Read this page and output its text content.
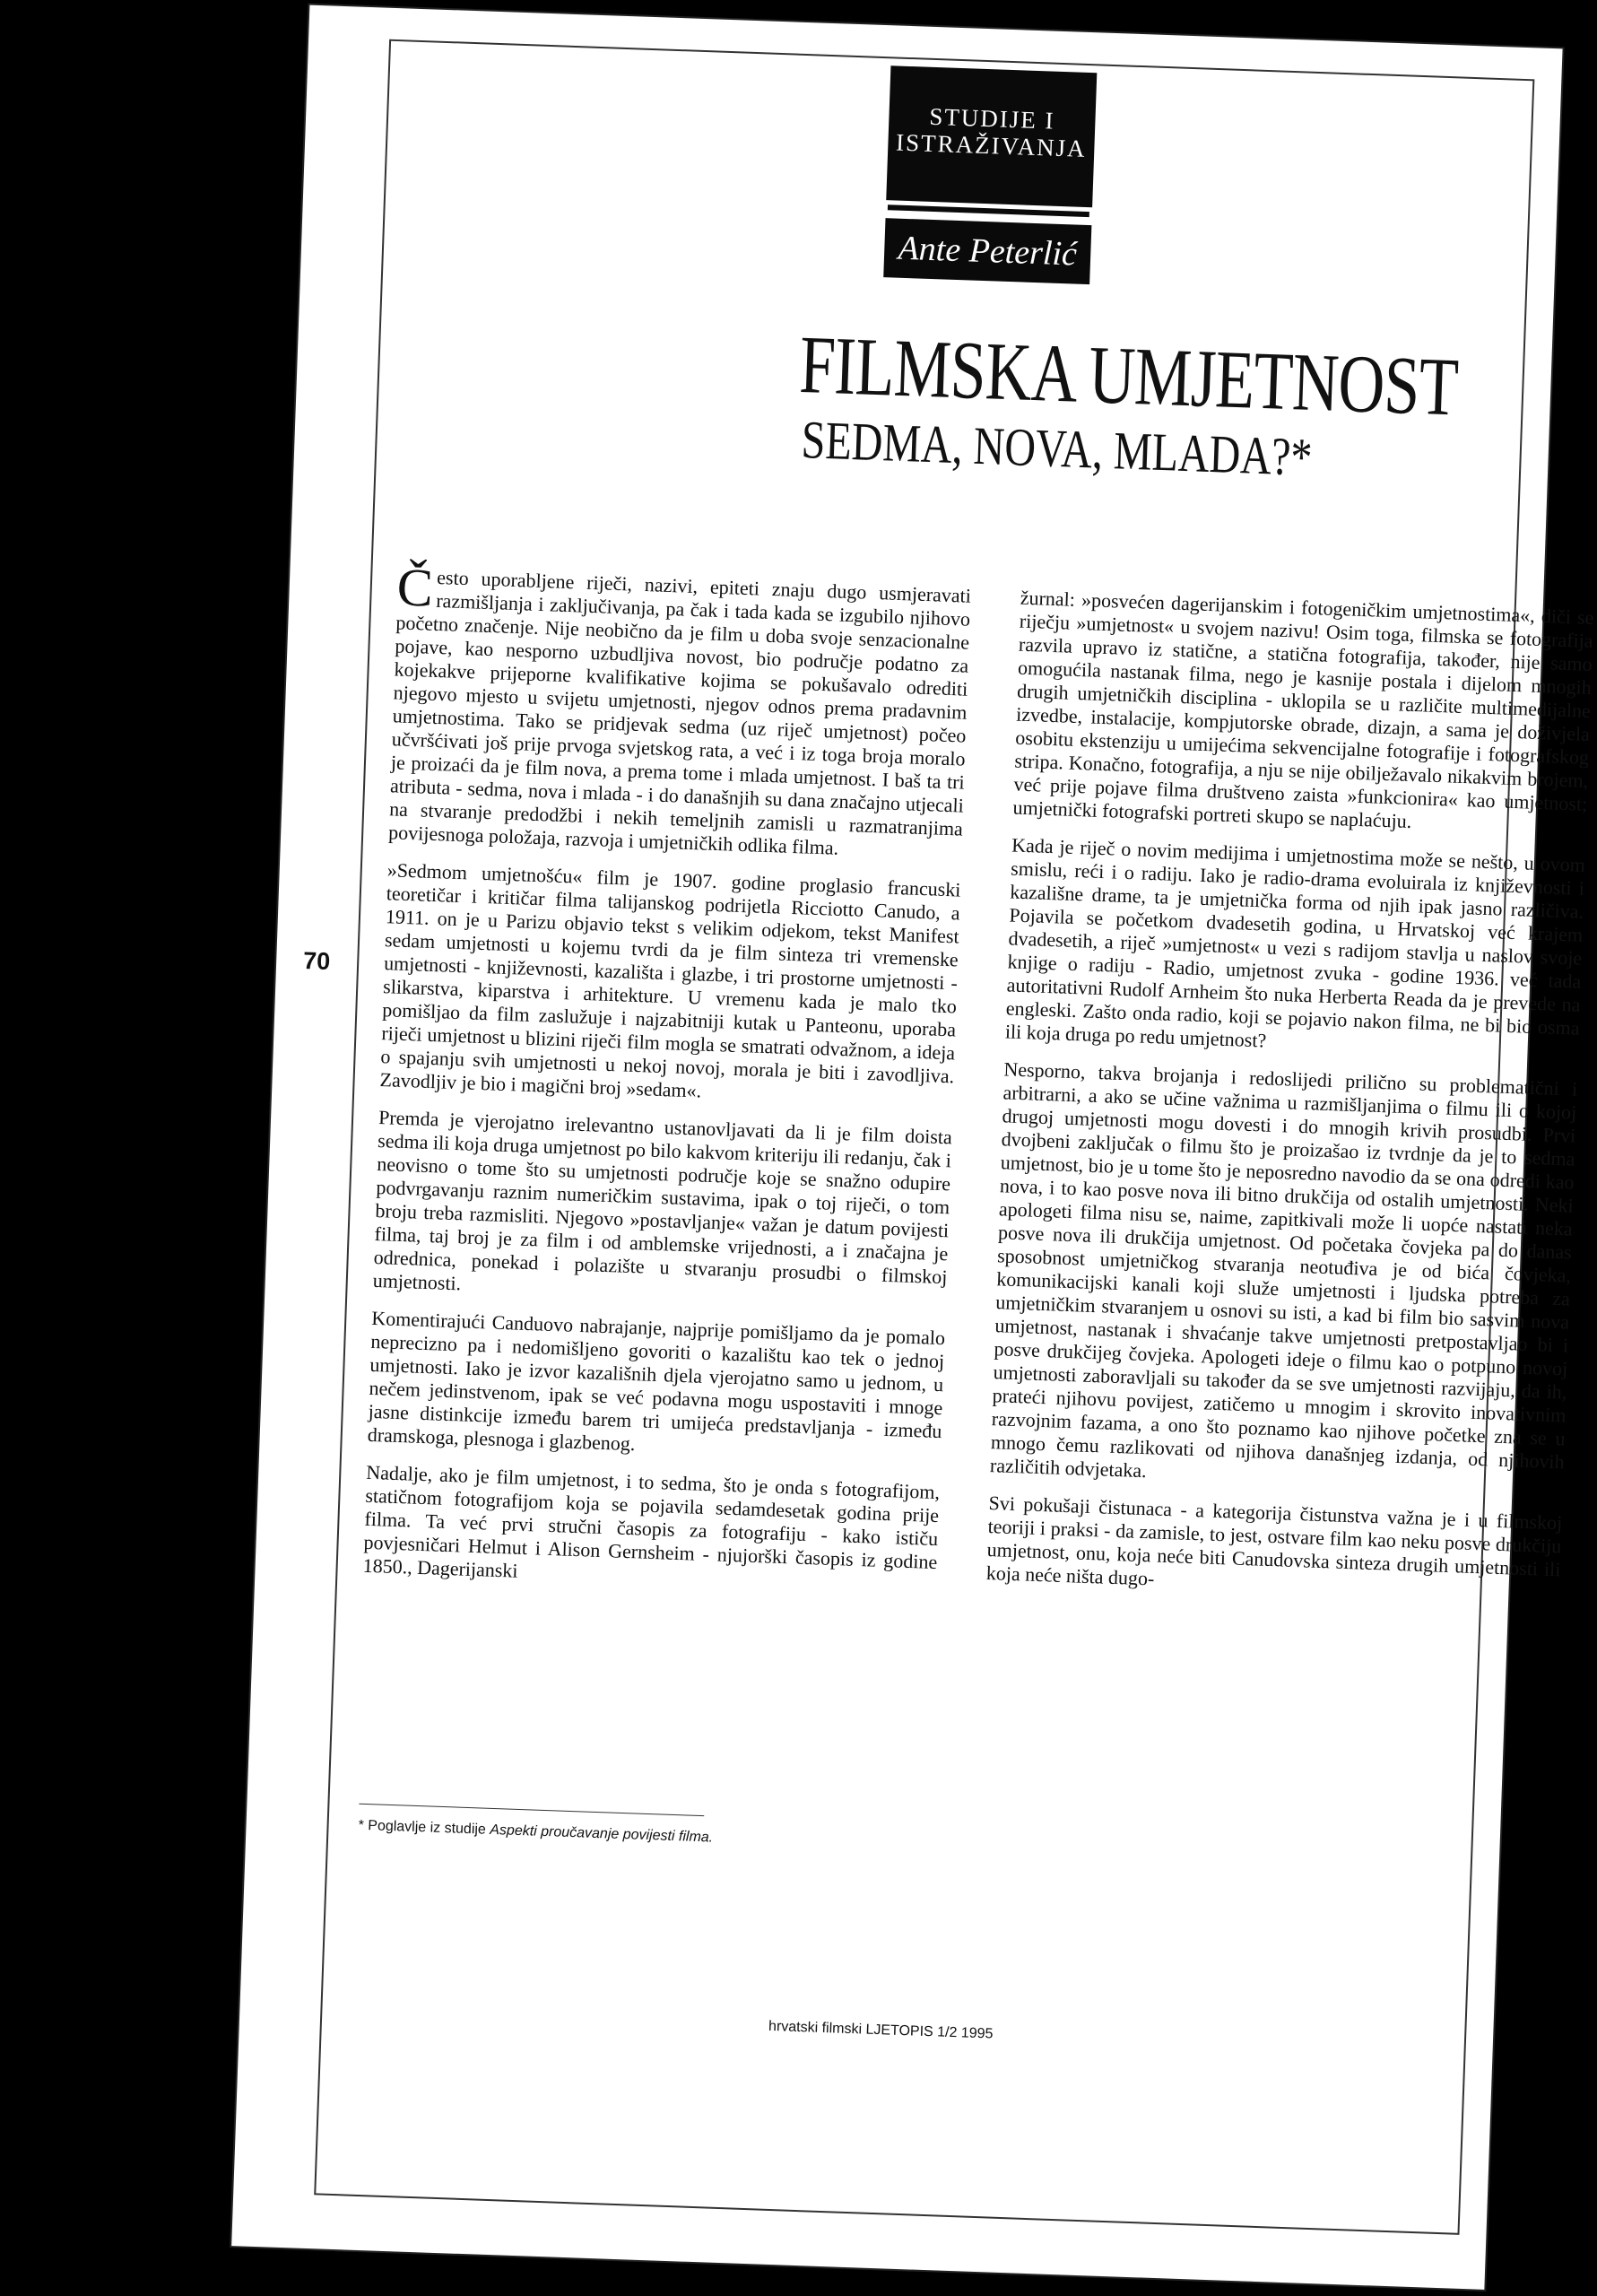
STUDIJE I
ISTRAŽIVANJA
Ante Peterlić
FILMSKA UMJETNOST
SEDMA, NOVA, MLADA?*
70

Često uporabljene riječi, nazivi, epiteti znaju dugo usmjeravati razmišljanja i zaključivanja, pa čak i tada kada se izgubilo njihovo početno značenje. Nije neobično da je film u doba svoje senzacionalne pojave, kao nesporno uzbudljiva novost, bio područje podatno za kojekakve prijeporne kvalifikative kojima se pokušavalo odrediti njegovo mjesto u svijetu umjetnosti, njegov odnos prema pradavnim umjetnostima. Tako se pridjevak sedma (uz riječ umjetnost) počeo učvršćivati još prije prvoga svjetskog rata, a već i iz toga broja moralo je proizaći da je film nova, a prema tome i mlada umjetnost. I baš ta tri atributa - sedma, nova i mlada - i do današnjih su dana značajno utjecali na stvaranje predodžbi i nekih temeljnih zamisli u razmatranjima povijesnoga položaja, razvoja i umjetničkih odlika filma.

»Sedmom umjetnošću« film je 1907. godine proglasio francuski teoretičar i kritičar filma talijanskog podrijetla Ricciotto Canudo, a 1911. on je u Parizu objavio tekst s velikim odjekom, tekst Manifest sedam umjetnosti u kojemu tvrdi da je film sinteza tri vremenske umjetnosti - književnosti, kazališta i glazbe, i tri prostorne umjetnosti - slikarstva, kiparstva i arhitekture. U vremenu kada je malo tko pomišljao da film zaslužuje i najzabitniji kutak u Panteonu, uporaba riječi umjetnost u blizini riječi film mogla se smatrati odvažnom, a ideja o spajanju svih umjetnosti u nekoj novoj, morala je biti i zavodljiva. Zavodljiv je bio i magični broj »sedam«.

Premda je vjerojatno irelevantno ustanovljavati da li je film doista sedma ili koja druga umjetnost po bilo kakvom kriteriju ili redanju, čak i neovisno o tome što su umjetnosti područje koje se snažno odupire podvrgavanju raznim numeričkim sustavima, ipak o toj riječi, o tom broju treba razmisliti. Njegovo »postavljanje« važan je datum povijesti filma, taj broj je za film i od amblemske vrijednosti, a i značajna je odrednica, ponekad i polazište u stvaranju prosudbi o filmskoj umjetnosti.

Komentirajući Canduovo nabrajanje, najprije pomišljamo da je pomalo neprecizno pa i nedomišljeno govoriti o kazalištu kao tek o jednoj umjetnosti. Iako je izvor kazališnih djela vjerojatno samo u jednom, u nečem jedinstvenom, ipak se već podavna mogu uspostaviti i mnoge jasne distinkcije između barem tri umijeća predstavljanja - između dramskoga, plesnoga i glazbenog.

Nadalje, ako je film umjetnost, i to sedma, što je onda s fotografijom, statičnom fotografijom koja se pojavila sedamdesetak godina prije filma. Ta već prvi stručni časopis za fotografiju - kako ističu povjesničari Helmut i Alison Gernsheim - njujorški časopis iz godine 1850., Dagerijanski

žurnal: »posvećen dagerijanskim i fotogeničkim umjetnostima«, diči se riječju »umjetnost« u svojem nazivu! Osim toga, filmska se fotografija razvila upravo iz statične, a statična fotografija, također, nije samo omogućila nastanak filma, nego je kasnije postala i dijelom mnogih drugih umjetničkih disciplina - uklopila se u različite multimedijalne izvedbe, instalacije, kompjutorske obrade, dizajn, a sama je doživjela osobitu ekstenziju u umijećima sekvencijalne fotografije i fotografskog stripa. Konačno, fotografija, a nju se nije obilježavalo nikakvim brojem, već prije pojave filma društveno zaista »funkcionira« kao umjetnost; umjetnički fotografski portreti skupo se naplaćuju.

Kada je riječ o novim medijima i umjetnostima može se nešto, u ovom smislu, reći i o radiju. Iako je radio-drama evoluirala iz književnosti i kazališne drame, ta je umjetnička forma od njih ipak jasno različiva. Pojavila se početkom dvadesetih godina, u Hrvatskoj već krajem dvadesetih, a riječ »umjetnost« u vezi s radijom stavlja u naslov svoje knjige o radiju - Radio, umjetnost zvuka - godine 1936. već tada autoritativni Rudolf Arnheim što nuka Herberta Reada da je prevede na engleski. Zašto onda radio, koji se pojavio nakon filma, ne bi bio osma ili koja druga po redu umjetnost?

Nesporno, takva brojanja i redoslijedi prilično su problematični i arbitrarni, a ako se učine važnima u razmišljanjima o filmu ili o kojoj drugoj umjetnosti mogu dovesti i do mnogih krivih prosudbi. Prvi dvojbeni zaključak o filmu što je proizašao iz tvrdnje da je to sedma umjetnost, bio je u tome što je neposredno navodio da se ona odredi kao nova, i to kao posve nova ili bitno drukčija od ostalih umjetnosti. Neki apologeti filma nisu se, naime, zapitkivali može li uopće nastati neka posve nova ili drukčija umjetnost. Od početaka čovjeka pa do danas sposobnost umjetničkog stvaranja neotuđiva je od bića čovjeka, komunikacijski kanali koji služe umjetnosti i ljudska potreba za umjetničkim stvaranjem u osnovi su isti, a kad bi film bio sasvim nova umjetnost, nastanak i shvaćanje takve umjetnosti pretpostavljao bi i posve drukčijeg čovjeka. Apologeti ideje o filmu kao o potpuno novoj umjetnosti zaboravljali su također da se sve umjetnosti razvijaju, da ih, prateći njihovu povijest, zatičemo u mnogim i skrovito inovativnim razvojnim fazama, a ono što poznamo kao njihove početke zna se u mnogo čemu razlikovati od njihova današnjeg izdanja, od njihovih različitih odvjetaka.

Svi pokušaji čistunaca - a kategorija čistunstva važna je i u filmskoj teoriji i praksi - da zamisle, to jest, ostvare film kao neku posve drukčiju umjetnost, onu, koja neće biti Canudovska sinteza drugih umjetnosti ili koja neće ništa dugo-

* Poglavlje iz studije Aspekti proučavanje povijesti filma.
hrvatski filmski LJETOPIS 1/2 1995
